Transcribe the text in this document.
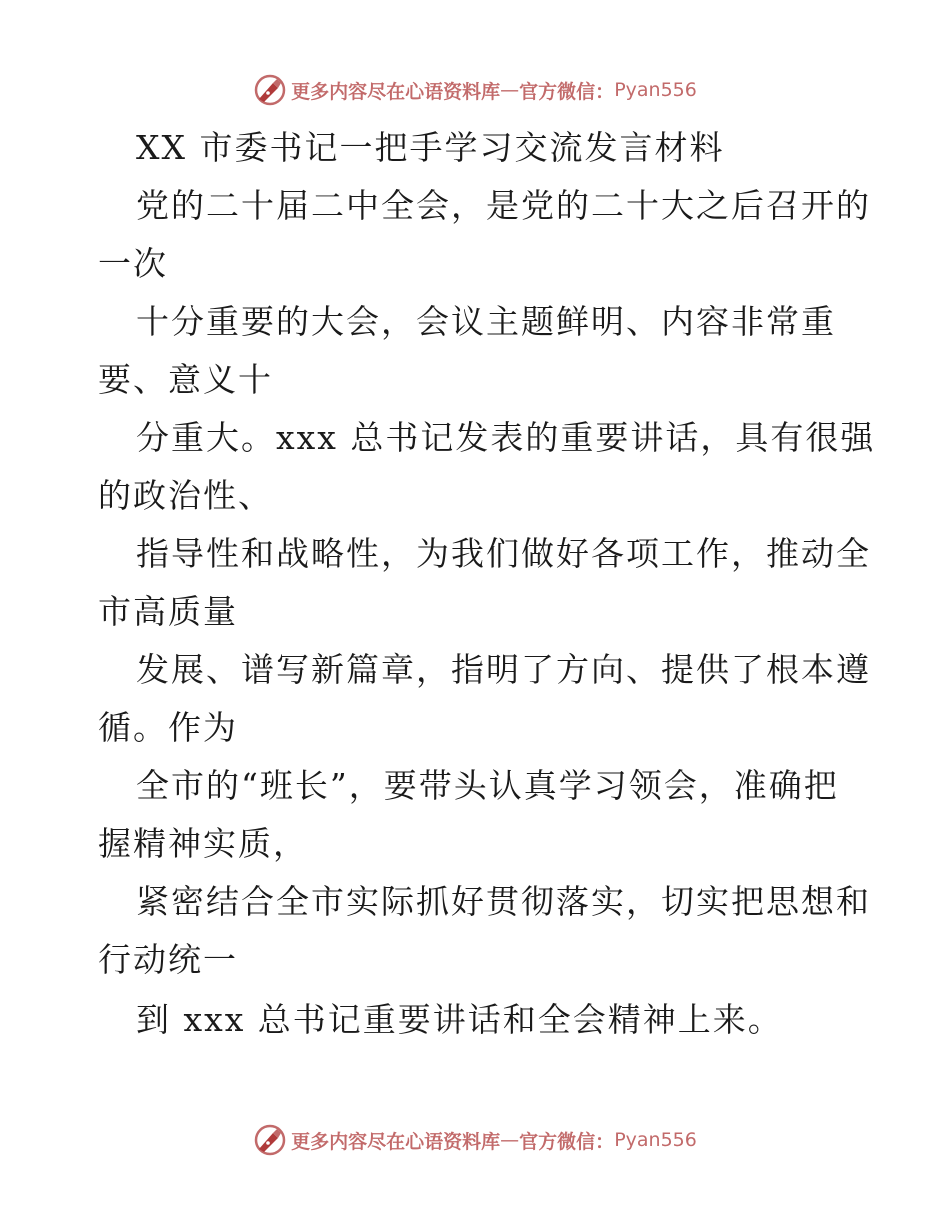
更多内容尽在心语资料库 — 官方微信： Pyan556
XX 市委书记一把手学习交流发言材料
党的二十届二中全会，是党的二十大之后召开的
一次
十分重要的大会，会议主题鲜明、内容非常重
要、意义十
分重大。xxx 总书记发表的重要讲话，具有很强
的政治性、
指导性和战略性，为我们做好各项工作，推动全
市高质量
发展、谱写新篇章，指明了方向、提供了根本遵
循。作为
全市的“班长”，要带头认真学习领会，准确把
握精神实质，
紧密结合全市实际抓好贯彻落实，切实把思想和
行动统一
到 xxx 总书记重要讲话和全会精神上来。
更多内容尽在心语资料库 — 官方微信： Pyan556
